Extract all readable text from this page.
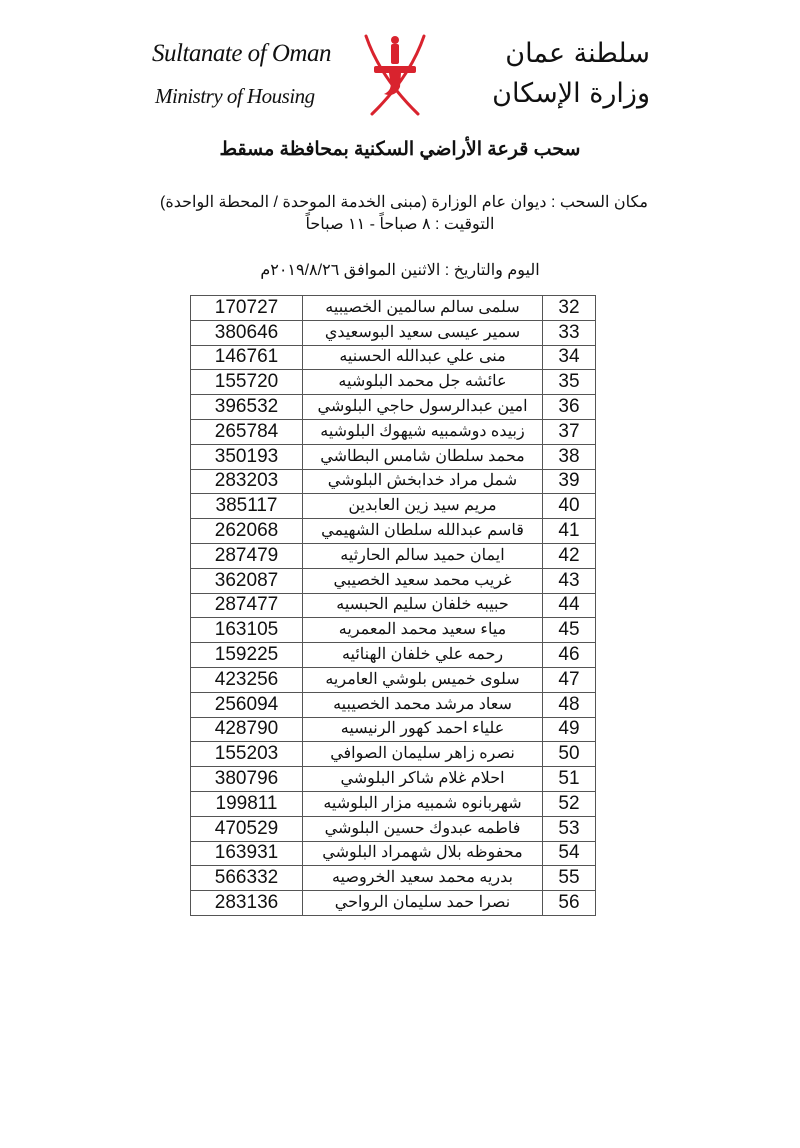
Sultanate of Oman
Ministry of Housing
سلطنة عمان
وزارة الإسكان
سحب قرعة الأراضي السكنية بمحافظة مسقط
مكان السحب : ديوان عام الوزارة (مبنى الخدمة الموحدة / المحطة الواحدة)
التوقيت : ٨ صباحاً - ١١ صباحاً
اليوم والتاريخ : الاثنين الموافق ٢٠١٩/٨/٢٦م
170727	سلمى سالم سالمين الخصيبيه	32
380646	سمير عيسى سعيد البوسعيدي	33
146761	منى علي عبدالله الحسنيه	34
155720	عائشه جل محمد البلوشيه	35
396532	امين عبدالرسول حاجي البلوشي	36
265784	زبيده دوشمبيه شيهوك البلوشيه	37
350193	محمد سلطان شامس البطاشي	38
283203	شمل مراد خدابخش البلوشي	39
385117	مريم سيد زين العابدين	40
262068	قاسم عبدالله سلطان الشهيمي	41
287479	ايمان حميد سالم الحارثيه	42
362087	غريب محمد سعيد الخصيبي	43
287477	حبيبه خلفان سليم الحبسيه	44
163105	مياء سعيد محمد المعمريه	45
159225	رحمه علي خلفان الهنائيه	46
423256	سلوى خميس بلوشي العامريه	47
256094	سعاد مرشد محمد الخصيبيه	48
428790	علياء احمد كهور الرنيسيه	49
155203	نصره زاهر سليمان الصوافي	50
380796	احلام غلام شاكر البلوشي	51
199811	شهربانوه شمبيه مزار البلوشيه	52
470529	فاطمه عبدوك حسين البلوشي	53
163931	محفوظه بلال شهمراد البلوشي	54
566332	بدريه محمد سعيد الخروصيه	55
283136	نصرا حمد سليمان الرواحي	56
